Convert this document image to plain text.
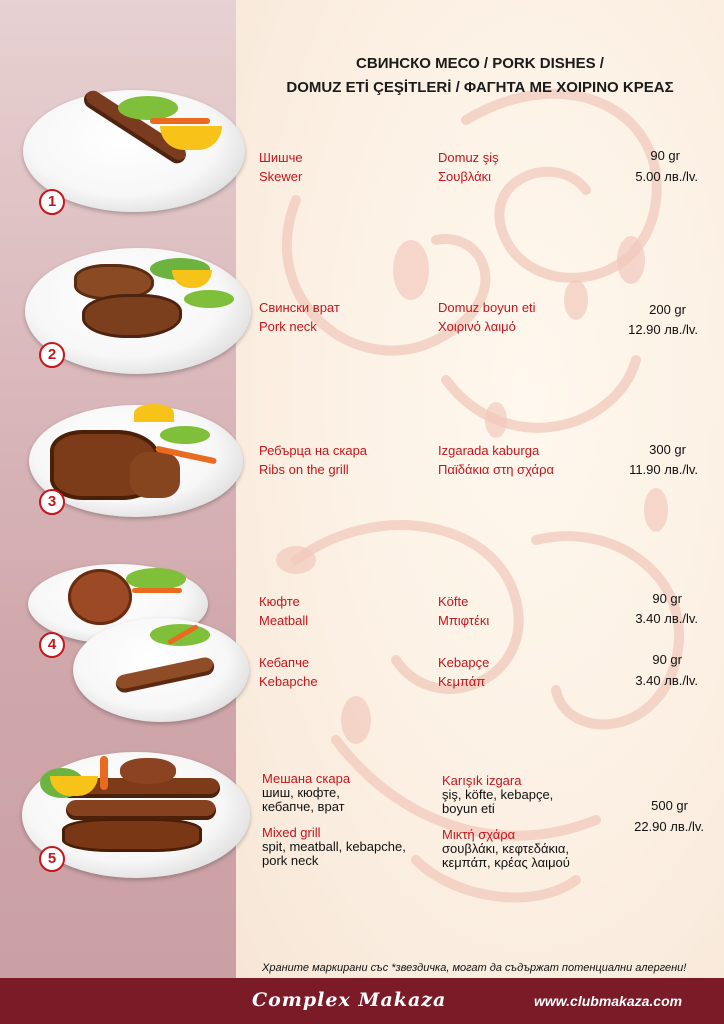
СВИНСКО МЕСО / PORK DISHES /
DOMUZ ETİ ÇEŞİTLERİ / ΦΑΓΗΤΑ ΜΕ ΧΟΙΡΙΝΟ ΚΡΕΑΣ
1
2
3
4
5
Шишче
Skewer
Domuz şiş
Σουβλάκι
90 gr
5.00 лв./lv.
Свински врат
Pork neck
Domuz boyun eti
Χοιρινό λαιμό
200 gr
12.90 лв./lv.
Ребърца на скара
Ribs on the grill
Izgarada kaburga
Παϊδάκια στη σχάρα
300 gr
11.90 лв./lv.
Кюфте
Meatball
Köfte
Μπιφτέκι
90 gr
3.40 лв./lv.
Кебапче
Kebapche
Kebapçe
Κεμπάπ
90 gr
3.40 лв./lv.
Мешана скара
шиш, кюфте,
кебапче, врат
Mixed grill
spit, meatball, kebapche,
pork neck
Karışık izgara
şiş, köfte, kebapçe,
boyun eti
Μικτή σχάρα
σουβλάκι, κεφτεδάκια,
κεμπάπ, κρέας λαιμού
500 gr
22.90 лв./lv.
Храните маркирани със *звездичка, могат да съдържат потенциални алергени!
Complex Makaza	www.clubmakaza.com
